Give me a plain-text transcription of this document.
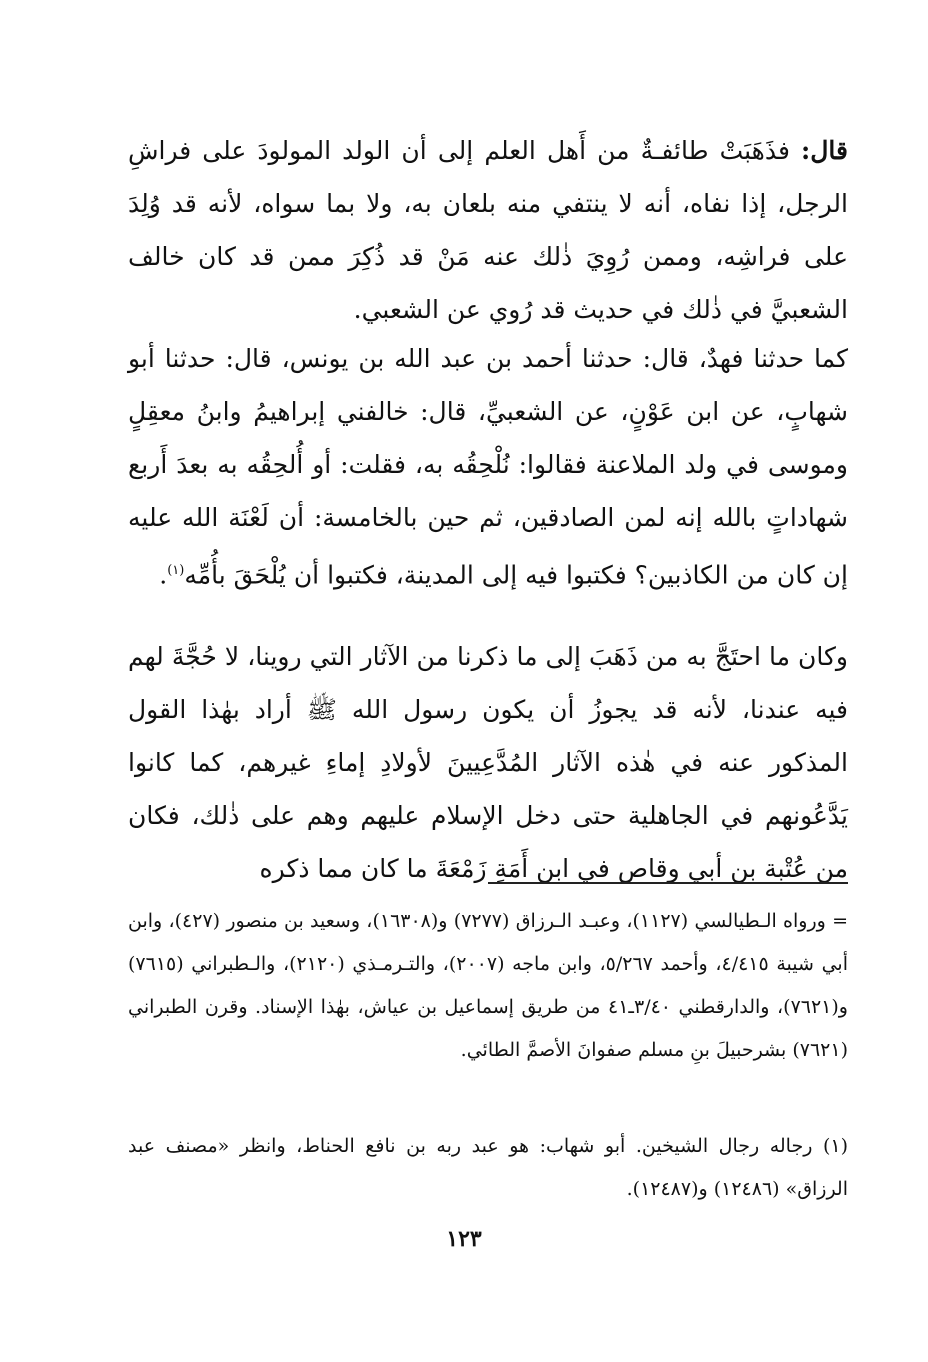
قال: فذَهَبَتْ طائفـةٌ من أَهل العلم إلى أن الولد المولودَ على فراشِ الرجل، إذا نفاه، أنه لا ينتفي منه بلعان به، ولا بما سواه، لأنه قد وُلِدَ على فراشِه، وممن رُوِيَ ذٰلك عنه مَنْ قد ذُكِرَ ممن قد كان خالف الشعبيَّ في ذٰلك في حديث قد رُوي عن الشعبي.

كما حدثنا فهدٌ، قال: حدثنا أحمد بن عبد الله بن يونس، قال: حدثنا أبو شهابٍ، عن ابن عَوْنٍ، عن الشعبيِّ، قال: خالفني إبراهيمُ وابنُ معقِلٍ وموسى في ولد الملاعنة فقالوا: نُلْحِقُه به، فقلت: أو أُلحِقُه به بعدَ أَربع شهاداتٍ بالله إنه لمن الصادقين، ثم حين بالخامسة: أن لَعْنَة الله عليه إن كان من الكاذبين؟ فكتبوا فيه إلى المدينة، فكتبوا أن يُلْحَقَ بأُمِّه$^{(١)}$.

وكان ما احتَجَّ به من ذَهَبَ إلى ما ذكرنا من الآثار التي روينا، لا حُجَّةَ لهم فيه عندنا، لأنه قد يجوزُ أن يكون رسول الله ﷺ أراد بهٰذا القول المذكور عنه في هٰذه الآثار المُدَّعِيينَ لأولادِ إماءِ غيرهم، كما كانوا يَدَّعُونهم في الجاهلية حتى دخل الإسلام عليهم وهم على ذٰلك، فكان من عُتْبة بن أبي وقاص في ابن أَمَةِ زَمْعَةَ ما كان مما ذكره

= ورواه الـطيالسي (١١٢٧)، وعبـد الـرزاق (٧٢٧٧) و(١٦٣٠٨)، وسعيد بن منصور (٤٢٧)، وابن أبي شيبة ٤/٤١٥، وأحمد ٥/٢٦٧، وابن ماجه (٢٠٠٧)، والتـرمـذي (٢١٢٠)، والـطبراني (٧٦١٥) و(٧٦٢١)، والدارقطني ٣/٤٠ـ٤١ من طريق إسماعيل بن عياش، بهٰذا الإسناد. وقرن الطبراني (٧٦٢١) بشرحبيلَ بنِ مسلم صفوانَ الأصمَّ الطائي.
(١) رجاله رجال الشيخين. أبو شهاب: هو عبد ربه بن نافع الحناط، وانظر «مصنف عبد الرزاق» (١٢٤٨٦) و(١٢٤٨٧).
١٢٣
